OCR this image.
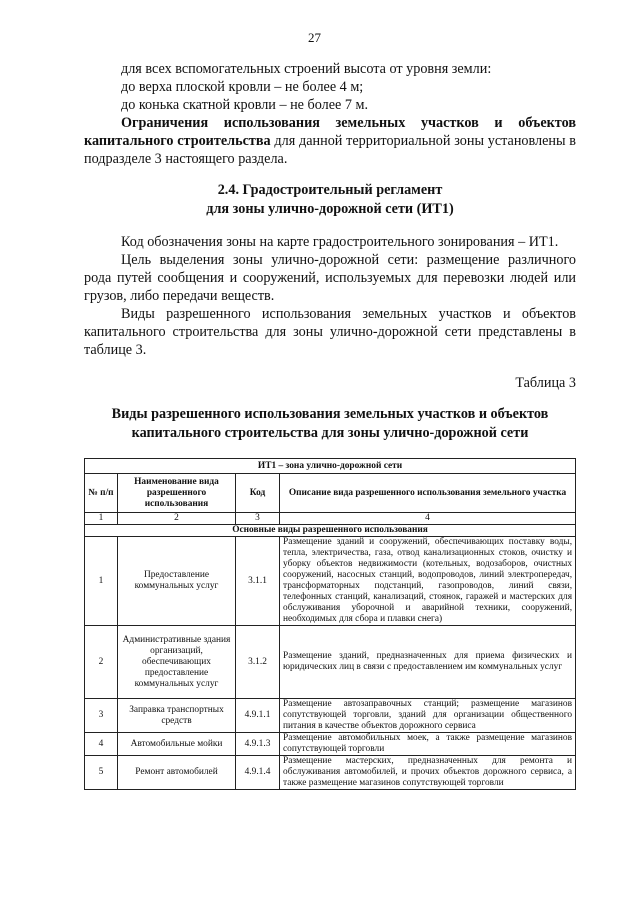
27

для всех вспомогательных строений высота от уровня земли:

до верха плоской кровли – не более 4 м;

до конька скатной кровли – не более 7 м.

Ограничения использования земельных участков и объектов капитального строительства для данной территориальной зоны установлены в подразделе 3 настоящего раздела.

2.4. Градостроительный регламент
для зоны улично-дорожной сети (ИТ1)

Код обозначения зоны на карте градостроительного зонирования – ИТ1.

Цель выделения зоны улично-дорожной сети: размещение различного рода путей сообщения и сооружений, используемых для перевозки людей или грузов, либо передачи веществ.

Виды разрешенного использования земельных участков и объектов капитального строительства для зоны улично-дорожной сети представлены в таблице 3.

Таблица 3
Виды разрешенного использования земельных участков и объектов
капитального строительства для зоны улично-дорожной сети
ИТ1 – зона улично-дорожной сети			
№ п/п	Наименование вида разрешенного использования	Код	Описание вида разрешенного использования земельного участка
1	2	3	4
Основные виды разрешенного использования			
1	Предоставление коммунальных услуг	3.1.1	Размещение зданий и сооружений, обеспечивающих поставку воды, тепла, электричества, газа, отвод канализационных стоков, очистку и уборку объектов недвижимости (котельных, водозаборов, очистных сооружений, насосных станций, водопроводов, линий электропередач, трансформаторных подстанций, газопроводов, линий связи, телефонных станций, канализаций, стоянок, гаражей и мастерских для обслуживания уборочной и аварийной техники, сооружений, необходимых для сбора и плавки снега)
2	Административные здания организаций, обеспечивающих предоставление коммунальных услуг	3.1.2	Размещение зданий, предназначенных для приема физических и юридических лиц в связи с предоставлением им коммунальных услуг
3	Заправка транспортных средств	4.9.1.1	Размещение автозаправочных станций; размещение магазинов сопутствующей торговли, зданий для организации общественного питания в качестве объектов дорожного сервиса
4	Автомобильные мойки	4.9.1.3	Размещение автомобильных моек, а также размещение магазинов сопутствующей торговли
5	Ремонт автомобилей	4.9.1.4	Размещение мастерских, предназначенных для ремонта и обслуживания автомобилей, и прочих объектов дорожного сервиса, а также размещение магазинов сопутствующей торговли
